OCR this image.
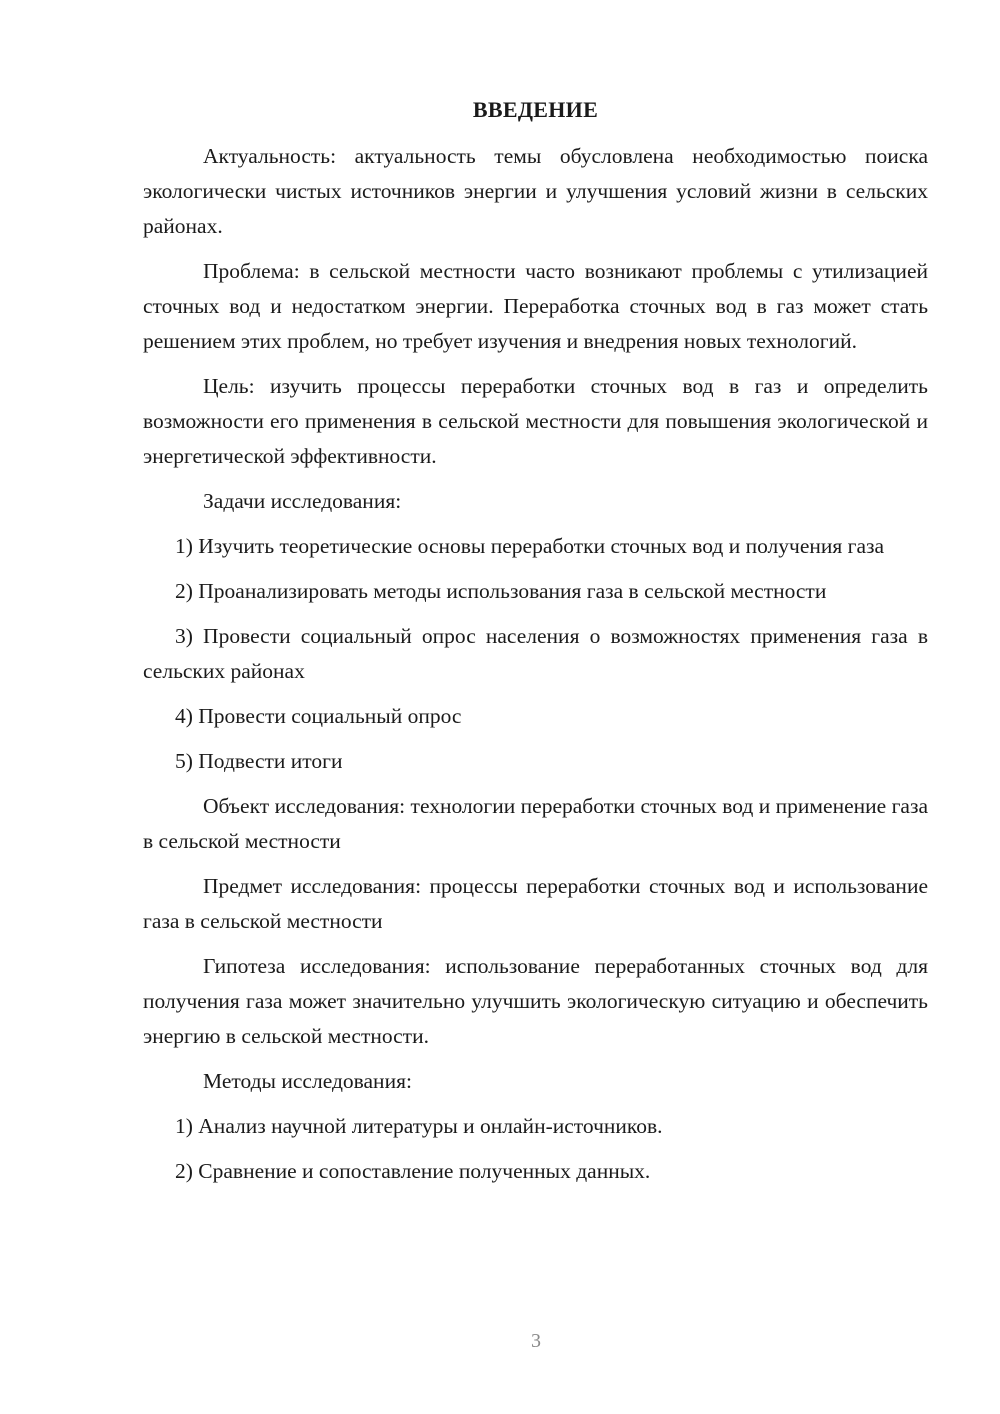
ВВЕДЕНИЕ

Актуальность: актуальность темы обусловлена необходимостью поиска экологически чистых источников энергии и улучшения условий жизни в сельских районах.

Проблема: в сельской местности часто возникают проблемы с утилизацией сточных вод и недостатком энергии. Переработка сточных вод в газ может стать решением этих проблем, но требует изучения и внедрения новых технологий.

Цель: изучить процессы переработки сточных вод в газ и определить возможности его применения в сельской местности для повышения экологической и энергетической эффективности.

Задачи исследования:

1) Изучить теоретические основы переработки сточных вод и получения газа

2) Проанализировать методы использования газа в сельской местности

3) Провести социальный опрос населения о возможностях применения газа в сельских районах

4) Провести социальный опрос

5) Подвести итоги

Объект исследования: технологии переработки сточных вод и применение газа в сельской местности

Предмет исследования: процессы переработки сточных вод и использование газа в сельской местности

Гипотеза исследования: использование переработанных сточных вод для получения газа может значительно улучшить экологическую ситуацию и обеспечить энергию в сельской местности.

Методы исследования:

1) Анализ научной литературы и онлайн-источников.

2) Сравнение и сопоставление полученных данных.

3
